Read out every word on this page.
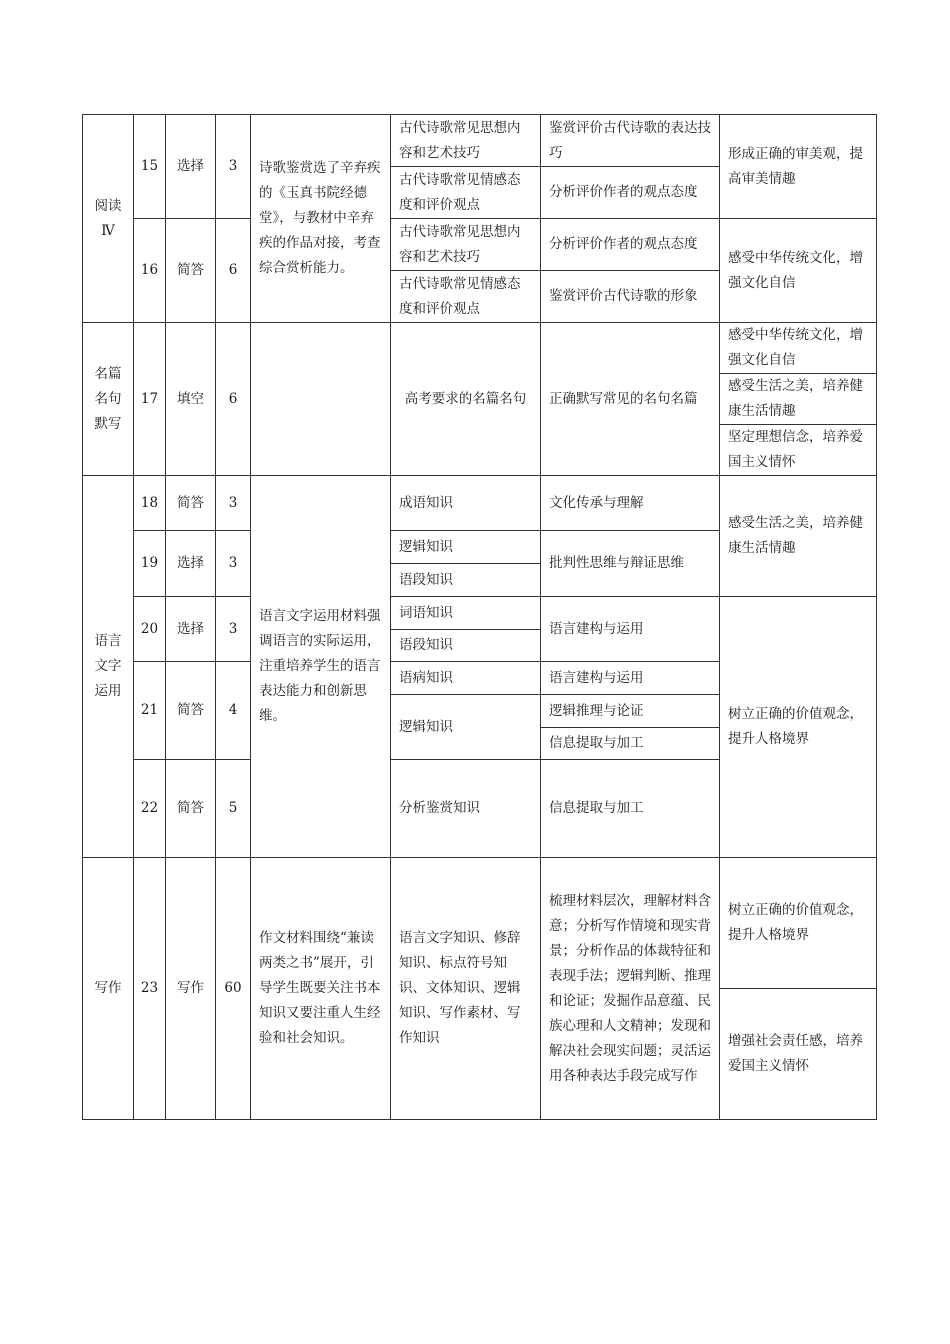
阅读Ⅳ	15	选择	3	诗歌鉴赏选了辛弃疾的《玉真书院经德堂》，与教材中辛弃疾的作品对接，考查综合赏析能力。	古代诗歌常见思想内容和艺术技巧	鉴赏评价古代诗歌的表达技巧	形成正确的审美观，提高审美情趣
					古代诗歌常见情感态度和评价观点	分析评价作者的观点态度	
	16	简答	6		古代诗歌常见思想内容和艺术技巧	分析评价作者的观点态度	感受中华传统文化，增强文化自信
					古代诗歌常见情感态度和评价观点	鉴赏评价古代诗歌的形象	
名篇名句默写	17	填空	6		高考要求的名篇名句	正确默写常见的名句名篇	感受中华传统文化，增强文化自信
							感受生活之美，培养健康生活情趣
							坚定理想信念，培养爱国主义情怀
语言文字运用	18	简答	3	语言文字运用材料强调语言的实际运用，注重培养学生的语言表达能力和创新思维。	成语知识	文化传承与理解	感受生活之美，培养健康生活情趣
	19	选择	3		逻辑知识	批判性思维与辩证思维	
					语段知识		
	20	选择	3		词语知识	语言建构与运用	树立正确的价值观念，提升人格境界
					语段知识		
	21	简答	4		语病知识	语言建构与运用	
					逻辑知识	逻辑推理与论证	
						信息提取与加工	
	22	简答	5		分析鉴赏知识	信息提取与加工	
写作	23	写作	60	作文材料围绕“兼读两类之书”展开，引导学生既要关注书本知识又要注重人生经验和社会知识。	语言文字知识、修辞知识、标点符号知识、文体知识、逻辑知识、写作素材、写作知识	梳理材料层次，理解材料含意；分析写作情境和现实背景；分析作品的体裁特征和表现手法；逻辑判断、推理和论证；发掘作品意蕴、民族心理和人文精神；发现和解决社会现实问题；灵活运用各种表达手段完成写作	树立正确的价值观念，提升人格境界
							增强社会责任感，培养爱国主义情怀
